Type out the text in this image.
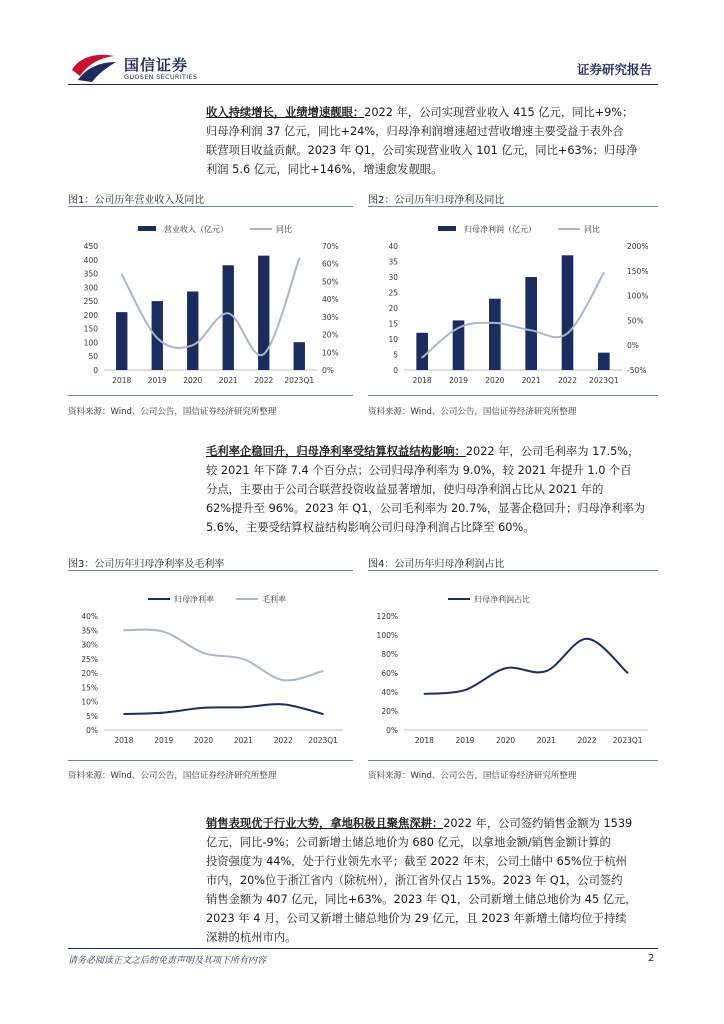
国信证券
GUOSEN SECURITIES	证券研究报告
收入持续增长，业绩增速靓眼：2022 年，公司实现营业收入 415 亿元，同比+9%；
归母净利润 37 亿元，同比+24%，归母净利润增速超过营收增速主要受益于表外合
联营项目收益贡献。2023 年 Q1，公司实现营业收入 101 亿元，同比+63%；归母净
利润 5.6 亿元，同比+146%，增速愈发靓眼。
图1：公司历年营业收入及同比
营业收入（亿元）	同比
0
50
100
150
200
250
300
350
400
450
0%
10%
20%
30%
40%
50%
60%
70%
2018 2019 2020 2021 2022 2023Q1
资料来源：Wind、公司公告，国信证券经济研究所整理
图2：公司历年归母净利及同比
归母净利润（亿元）	同比
0
5
10
15
20
25
30
35
40
-50%
0%
50%
100%
150%
200%
2018 2019 2020 2021 2022 2023Q1
资料来源：Wind、公司公告，国信证券经济研究所整理
毛利率企稳回升，归母净利率受结算权益结构影响：2022 年，公司毛利率为 17.5%，
较 2021 年下降 7.4 个百分点；公司归母净利率为 9.0%，较 2021 年提升 1.0 个百
分点，主要由于公司合联营投资收益显著增加，使归母净利润占比从 2021 年的
62%提升至 96%。2023 年 Q1，公司毛利率为 20.7%，显著企稳回升；归母净利率为
5.6%，主要受结算权益结构影响公司归母净利润占比降至 60%。
图3：公司历年归母净利率及毛利率
归母净利率	毛利率
0%
5%
10%
15%
20%
25%
30%
35%
40%
2018	2019	2020	2021	2022 2023Q1
资料来源：Wind、公司公告，国信证券经济研究所整理
图4：公司历年归母净利润占比
归母净利润占比
0%
20%
40%
60%
80%
100%
120%
2018	2019	2020	2021	2022 2023Q1
资料来源：Wind、公司公告，国信证券经济研究所整理
销售表现优于行业大势，拿地积极且聚焦深耕：2022 年，公司签约销售金额为 1539
亿元，同比-9%；公司新增土储总地价为 680 亿元，以拿地金额/销售金额计算的
投资强度为 44%，处于行业领先水平；截至 2022 年末，公司土储中 65%位于杭州
市内，20%位于浙江省内（除杭州），浙江省外仅占 15%。2023 年 Q1，公司签约
销售金额为 407 亿元，同比+63%。2023 年 Q1，公司新增土储总地价为 45 亿元，
2023 年 4 月，公司又新增土储总地价为 29 亿元，且 2023 年新增土储均位于持续
深耕的杭州市内。
请务必阅读正文之后的免责声明及其项下所有内容	2
